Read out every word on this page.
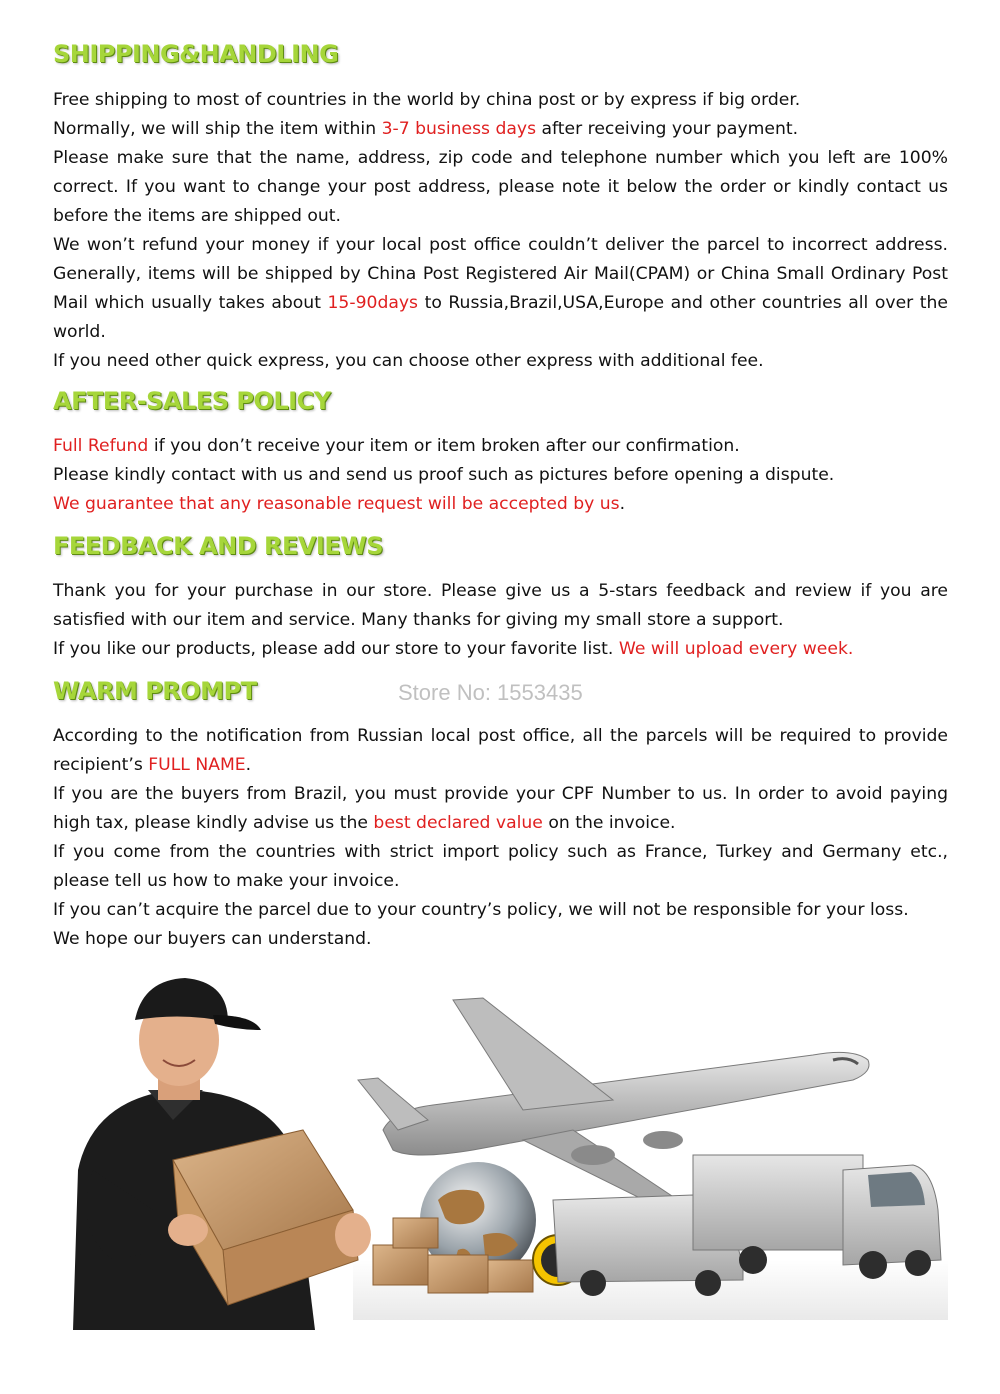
SHIPPING&HANDLING

Free shipping to most of countries in the world by china post or by express if big order.

Normally, we will ship the item within 3-7 business days after receiving your payment.

Please make sure that the name, address, zip code and telephone number which you left are 100% correct. If you want to change your post address, please note it below the order or kindly contact us before the items are shipped out.

We won’t refund your money if your local post office couldn’t deliver the parcel to incorrect address. Generally, items will be shipped by China Post Registered Air Mail(CPAM) or China Small Ordinary Post Mail which usually takes about 15-90days to Russia,Brazil,USA,Europe and other countries all over the world.

If you need other quick express, you can choose other express with additional fee.

AFTER-SALES POLICY

Full Refund if you don’t receive your item or item broken after our confirmation.

Please kindly contact with us and send us proof such as pictures before opening a dispute.

We guarantee that any reasonable request will be accepted by us.

FEEDBACK AND REVIEWS

Thank you for your purchase in our store. Please give us a 5-stars feedback and review if you are satisfied with our item and service. Many thanks for giving my small store a support.

If you like our products, please add our store to your favorite list. We will upload every week.

WARM PROMPT	Store No: 1553435

According to the notification from Russian local post office, all the parcels will be required to provide recipient’s FULL NAME.

If you are the buyers from Brazil, you must provide your CPF Number to us. In order to avoid paying high tax, please kindly advise us the best declared value on the invoice.

If you come from the countries with strict import policy such as France, Turkey and Germany etc., please tell us how to make your invoice.

If you can’t acquire the parcel due to your country’s policy, we will not be responsible for your loss.

We hope our buyers can understand.
